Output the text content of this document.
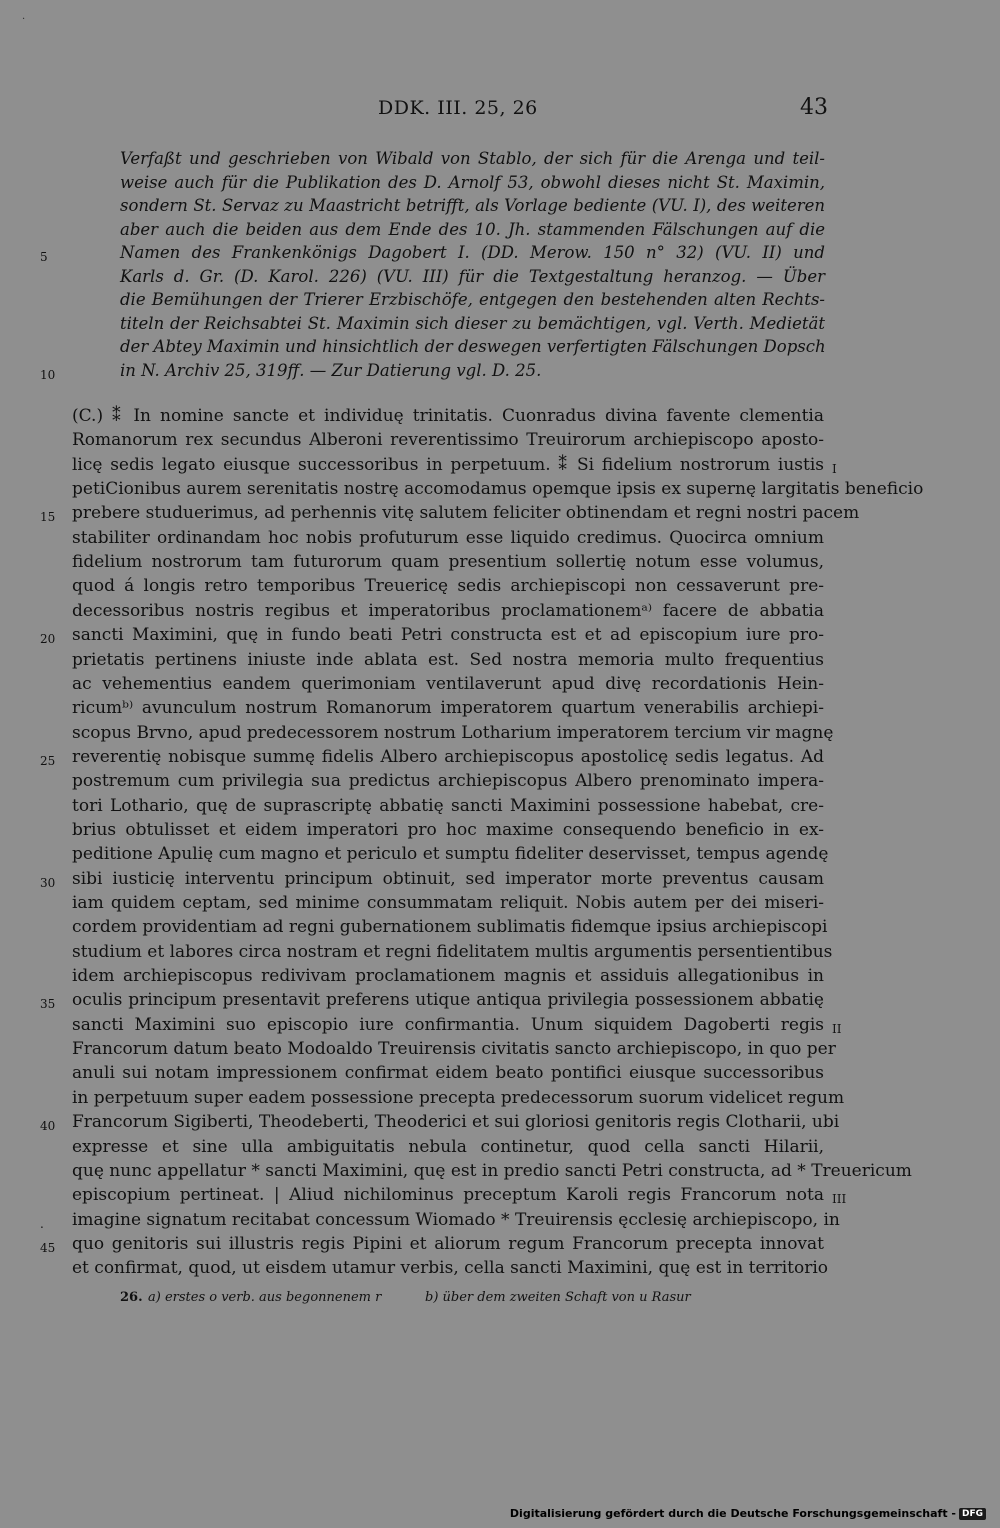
·
DDK. III. 25, 26	43
Verfaßt und geschrieben von Wibald von Stablo, der sich für die Arenga und teil-
weise auch für die Publikation des D. Arnolf 53, obwohl dieses nicht St. Maximin,
sondern St. Servaz zu Maastricht betrifft, als Vorlage bediente (VU. I), des weiteren
aber auch die beiden aus dem Ende des 10. Jh. stammenden Fälschungen auf die
5	Namen des Frankenkönigs Dagobert I. (DD. Merow. 150 n° 32) (VU. II) und
Karls d. Gr. (D. Karol. 226) (VU. III) für die Textgestaltung heranzog. — Über
die Bemühungen der Trierer Erzbischöfe, entgegen den bestehenden alten Rechts-
titeln der Reichsabtei St. Maximin sich dieser zu bemächtigen, vgl. Verth. Medietät
der Abtey Maximin und hinsichtlich der deswegen verfertigten Fälschungen Dopsch
10	in N. Archiv 25, 319ff. — Zur Datierung vgl. D. 25.
(C.) ⁑ In nomine sancte et individuę trinitatis. Cuonradus divina favente clementia
Romanorum rex secundus Alberoni reverentissimo Treuirorum archiepiscopo aposto-
licę sedis legato eiusque successoribus in perpetuum. ⁑ Si fidelium nostrorum iustis I
petiCionibus aurem serenitatis nostrę accomodamus opemque ipsis ex supernę largitatis beneficio
15 prebere studuerimus, ad perhennis vitę salutem feliciter obtinendam et regni nostri pacem
stabiliter ordinandam hoc nobis profuturum esse liquido credimus. Quocirca omnium
fidelium nostrorum tam futurorum quam presentium sollertię notum esse volumus,
quod á longis retro temporibus Treuericę sedis archiepiscopi non cessaverunt pre-
decessoribus nostris regibus et imperatoribus proclamationemᵃ⁾ facere de abbatia
20 sancti Maximini, quę in fundo beati Petri constructa est et ad episcopium iure pro-
prietatis pertinens iniuste inde ablata est. Sed nostra memoria multo frequentius
ac vehementius eandem querimoniam ventilaverunt apud divę recordationis Hein-
ricumᵇ⁾ avunculum nostrum Romanorum imperatorem quartum venerabilis archiepi-
scopus Brvno, apud predecessorem nostrum Lotharium imperatorem tercium vir magnę
25 reverentię nobisque summę fidelis Albero archiepiscopus apostolicę sedis legatus. Ad
postremum cum privilegia sua predictus archiepiscopus Albero prenominato impera-
tori Lothario, quę de suprascriptę abbatię sancti Maximini possessione habebat, cre-
brius obtulisset et eidem imperatori pro hoc maxime consequendo beneficio in ex-
peditione Apulię cum magno et periculo et sumptu fideliter deservisset, tempus agendę
30 sibi iusticię interventu principum obtinuit, sed imperator morte preventus causam
iam quidem ceptam, sed minime consummatam reliquit. Nobis autem per dei miseri-
cordem providentiam ad regni gubernationem sublimatis fidemque ipsius archiepiscopi
studium et labores circa nostram et regni fidelitatem multis argumentis persentientibus
idem archiepiscopus redivivam proclamationem magnis et assiduis allegationibus in
35 oculis principum presentavit preferens utique antiqua privilegia possessionem abbatię
sancti Maximini suo episcopio iure confirmantia. Unum siquidem Dagoberti regis II
Francorum datum beato Modoaldo Treuirensis civitatis sancto archiepiscopo, in quo per
anuli sui notam impressionem confirmat eidem beato pontifici eiusque successoribus
in perpetuum super eadem possessione precepta predecessorum suorum videlicet regum
40 Francorum Sigiberti, Theodeberti, Theoderici et sui gloriosi genitoris regis Clotharii, ubi
expresse et sine ulla ambiguitatis nebula continetur, quod cella sancti Hilarii,
quę nunc appellatur * sancti Maximini, quę est in predio sancti Petri constructa, ad * Treuericum
episcopium pertineat. | Aliud nichilominus preceptum Karoli regis Francorum nota III
.	imagine signatum recitabat concessum Wiomado * Treuirensis ęcclesię archiepiscopo, in
45 quo genitoris sui illustris regis Pipini et aliorum regum Francorum precepta innovat
et confirmat, quod, ut eisdem utamur verbis, cella sancti Maximini, quę est in territorio
26. a) erstes o verb. aus begonnenem r	b) über dem zweiten Schaft von u Rasur
Digitalisierung gefördert durch die Deutsche Forschungsgemeinschaft - DFG
